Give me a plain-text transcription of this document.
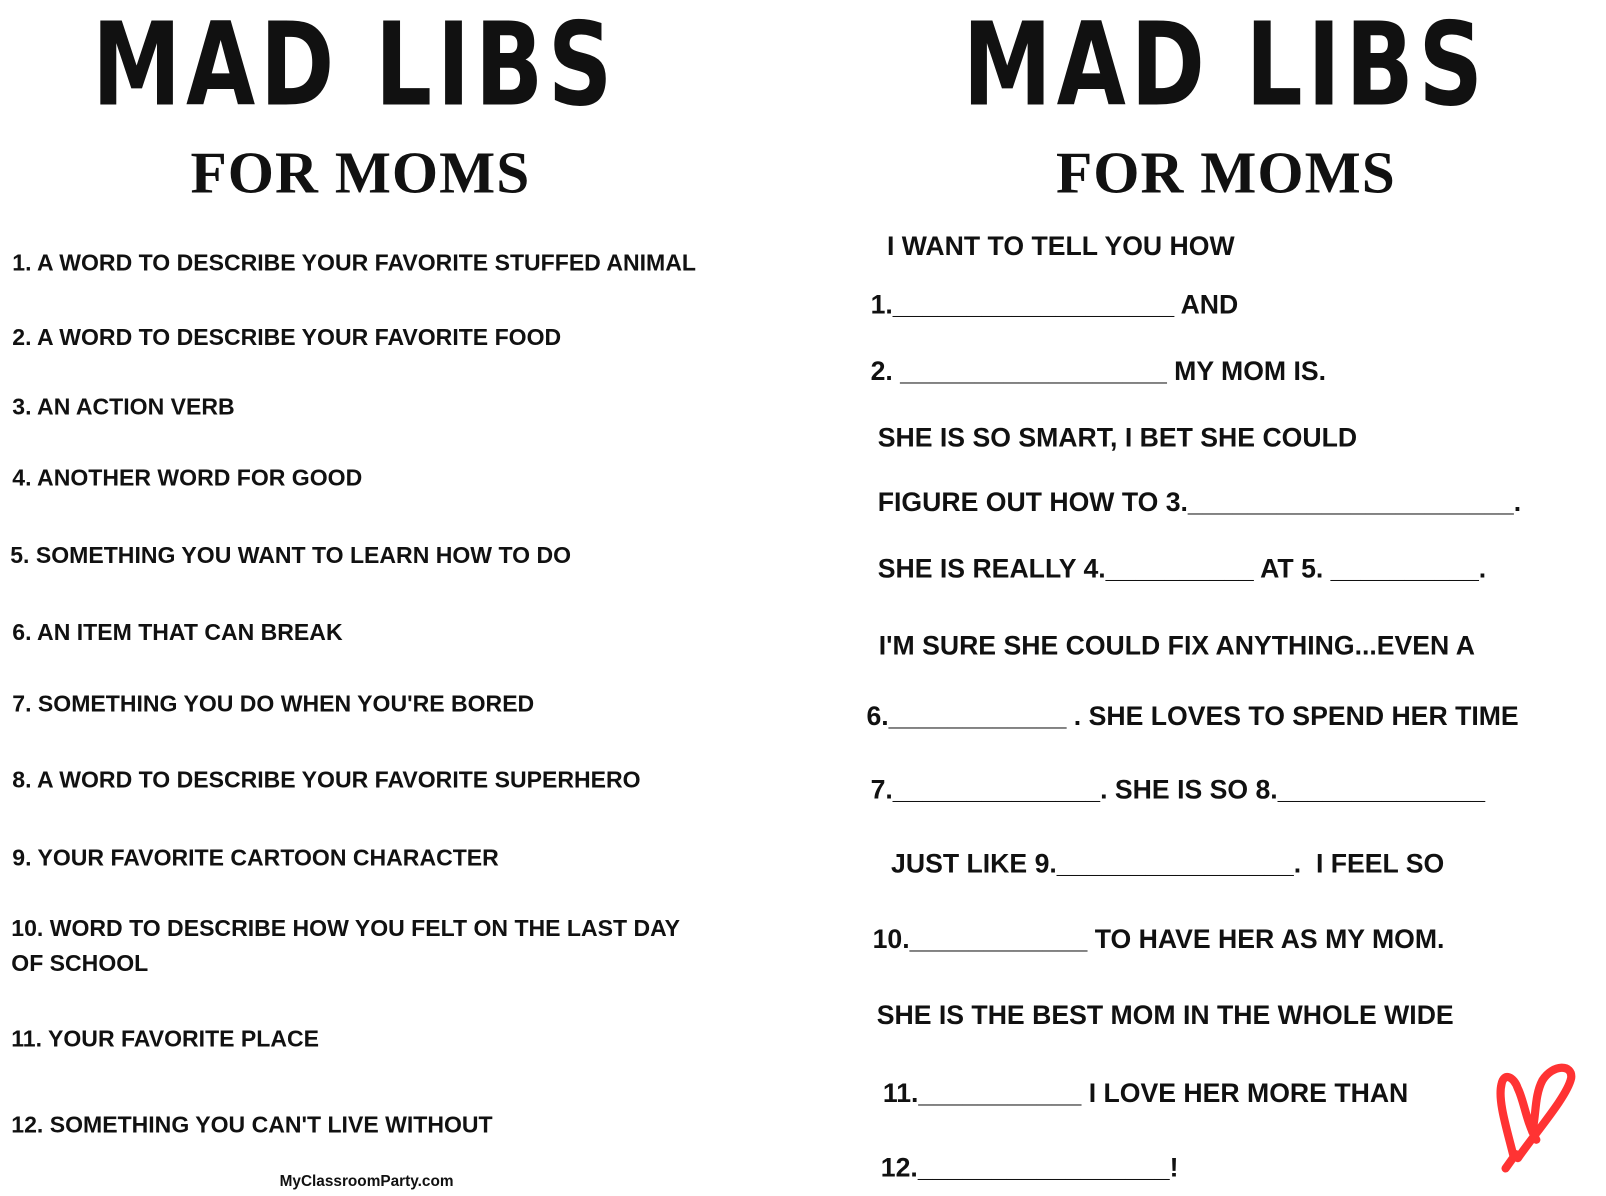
MAD LIBS
FOR MOMS
MAD LIBS
FOR MOMS
1. A WORD TO DESCRIBE YOUR FAVORITE STUFFED ANIMAL
2. A WORD TO DESCRIBE YOUR FAVORITE FOOD
3. AN ACTION VERB
4. ANOTHER WORD FOR GOOD
5. SOMETHING YOU WANT TO LEARN HOW TO DO
6. AN ITEM THAT CAN BREAK
7. SOMETHING YOU DO WHEN YOU'RE BORED
8. A WORD TO DESCRIBE YOUR FAVORITE SUPERHERO
9. YOUR FAVORITE CARTOON CHARACTER
10. WORD TO DESCRIBE HOW YOU FELT ON THE LAST DAY
OF SCHOOL
11. YOUR FAVORITE PLACE
12. SOMETHING YOU CAN'T LIVE WITHOUT
I WANT TO TELL YOU HOW
1.___________________ AND
2. __________________ MY MOM IS.
SHE IS SO SMART, I BET SHE COULD
FIGURE OUT HOW TO 3.______________________.
SHE IS REALLY 4.__________ AT 5. __________.
I'M SURE SHE COULD FIX ANYTHING...EVEN A
6.____________ . SHE LOVES TO SPEND HER TIME
7.______________. SHE IS SO 8.______________
JUST LIKE 9.________________.  I FEEL SO
10.____________ TO HAVE HER AS MY MOM.
SHE IS THE BEST MOM IN THE WHOLE WIDE
11.___________ I LOVE HER MORE THAN
12._________________!
MyClassroomParty.com
